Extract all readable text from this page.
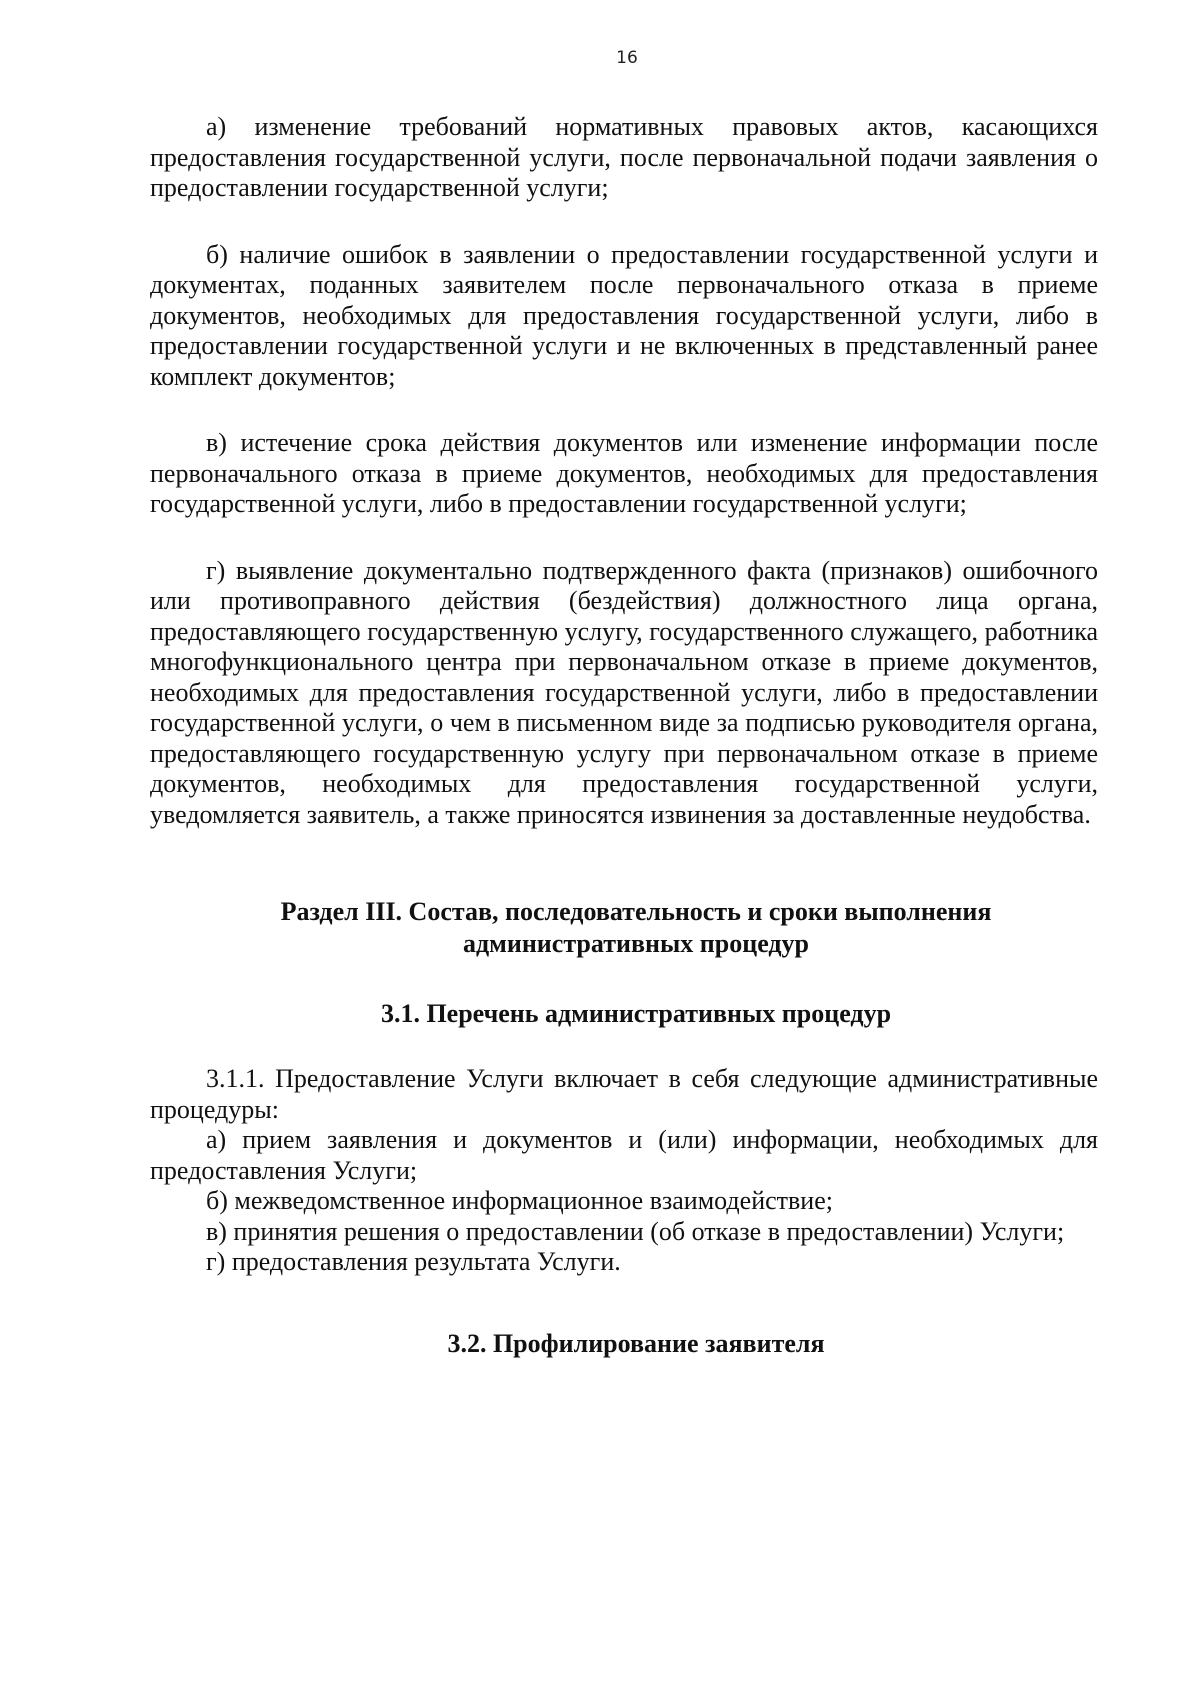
16

а) изменение требований нормативных правовых актов, касающихся предоставления государственной услуги, после первоначальной подачи заявления о предоставлении государственной услуги;

б) наличие ошибок в заявлении о предоставлении государственной услуги и документах, поданных заявителем после первоначального отказа в приеме документов, необходимых для предоставления государственной услуги, либо в предоставлении государственной услуги и не включенных в представленный ранее комплект документов;

в) истечение срока действия документов или изменение информации после первоначального отказа в приеме документов, необходимых для предоставления государственной услуги, либо в предоставлении государственной услуги;

г) выявление документально подтвержденного факта (признаков) ошибочного или противоправного действия (бездействия) должностного лица органа, предоставляющего государственную услугу, государственного служащего, работника многофункционального центра при первоначальном отказе в приеме документов, необходимых для предоставления государственной услуги, либо в предоставлении государственной услуги, о чем в письменном виде за подписью руководителя органа, предоставляющего государственную услугу при первоначальном отказе в приеме документов, необходимых для предоставления государственной услуги, уведомляется заявитель, а также приносятся извинения за доставленные неудобства.

Раздел III. Состав, последовательность и сроки выполнения
административных процедур
3.1. Перечень административных процедур

3.1.1. Предоставление Услуги включает в себя следующие административные процедуры:

а) прием заявления и документов и (или) информации, необходимых для предоставления Услуги;

б) межведомственное информационное взаимодействие;

в) принятия решения о предоставлении (об отказе в предоставлении) Услуги;

г) предоставления результата Услуги.

3.2. Профилирование заявителя
